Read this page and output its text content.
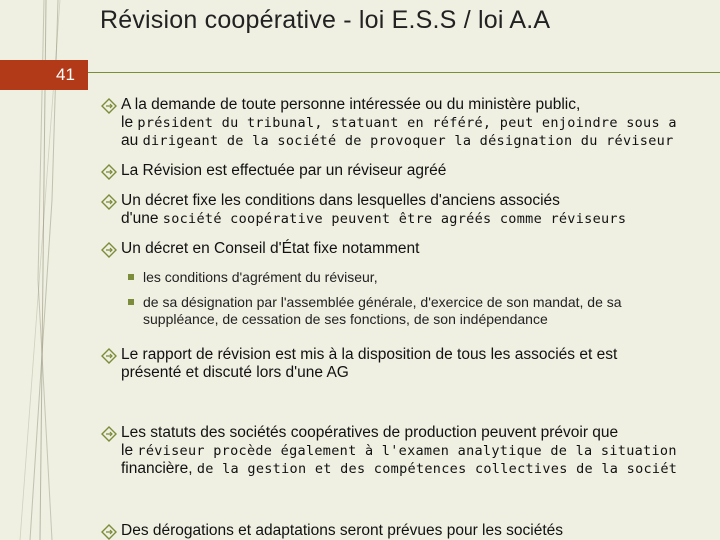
Révision coopérative - loi E.S.S / loi A.A
41
A la demande de toute personne intéressée ou du ministère public,
le président du tribunal, statuant en référé, peut enjoindre sous a
au dirigeant de la société de provoquer la désignation du réviseur
La Révision est effectuée par un réviseur agréé
Un décret fixe les conditions dans lesquelles d'anciens associés
d'une société coopérative peuvent être agréés comme réviseurs
Un décret en Conseil d'État fixe notamment
les conditions d'agrément du réviseur,
de sa désignation par l'assemblée générale, d'exercice de son mandat, de sa
suppléance, de cessation de ses fonctions, de son indépendance
Le rapport de révision est mis à la disposition de tous les associés et est
présenté et discuté lors d'une AG
Les statuts des sociétés coopératives de production peuvent prévoir que
le réviseur procède également à l'examen analytique de la situation
financière, de la gestion et des compétences collectives de la sociét
Des dérogations et adaptations seront prévues pour les sociétés
